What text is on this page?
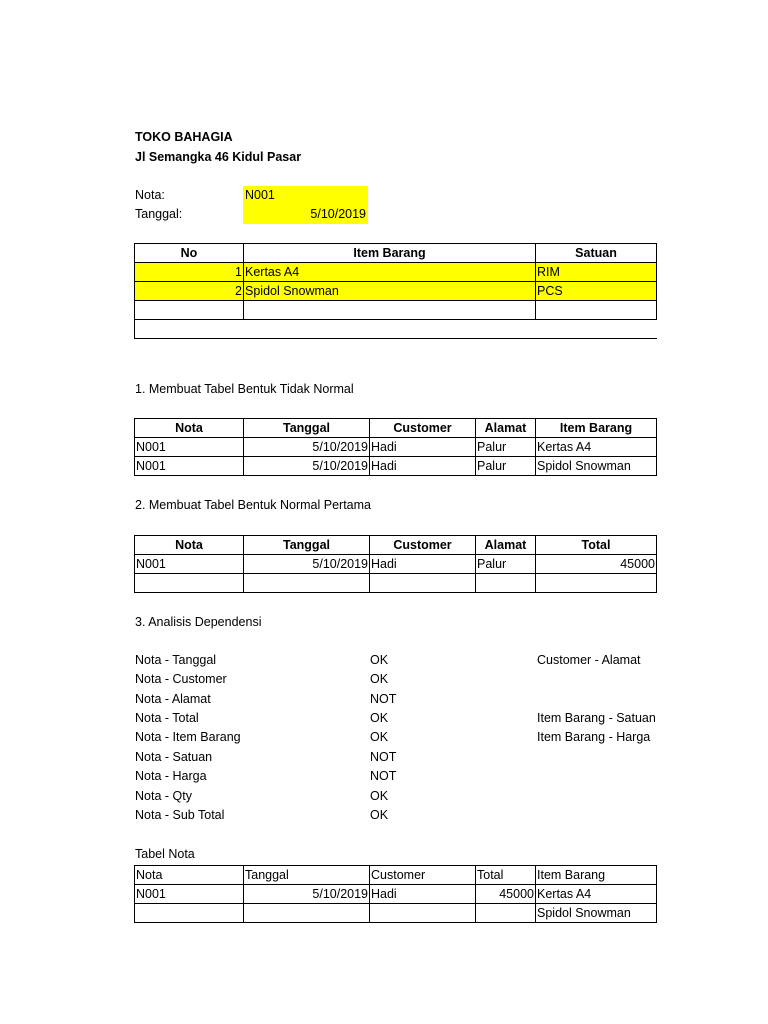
TOKO BAHAGIA
Jl Semangka 46 Kidul Pasar
Nota:	N001
Tanggal:	5/10/2019
No	Item Barang	Satuan
1	Kertas A4	RIM
2	Spidol Snowman	PCS

1. Membuat Tabel Bentuk Tidak Normal
Nota	Tanggal	Customer	Alamat	Item Barang
N001	5/10/2019	Hadi	Palur	Kertas A4
N001	5/10/2019	Hadi	Palur	Spidol Snowman
2. Membuat Tabel Bentuk Normal Pertama
Nota	Tanggal	Customer	Alamat	Total
N001	5/10/2019	Hadi	Palur	45000

3. Analisis Dependensi
Nota - Tanggal	OK	Customer - Alamat
Nota - Customer	OK
Nota - Alamat	NOT
Nota - Total	OK	Item Barang - Satuan
Nota - Item Barang	OK	Item Barang - Harga
Nota - Satuan	NOT
Nota - Harga	NOT
Nota - Qty	OK
Nota - Sub Total	OK
Tabel Nota
Nota	Tanggal	Customer	Total	Item Barang
N001	5/10/2019	Hadi	45000	Kertas A4
				Spidol Snowman
